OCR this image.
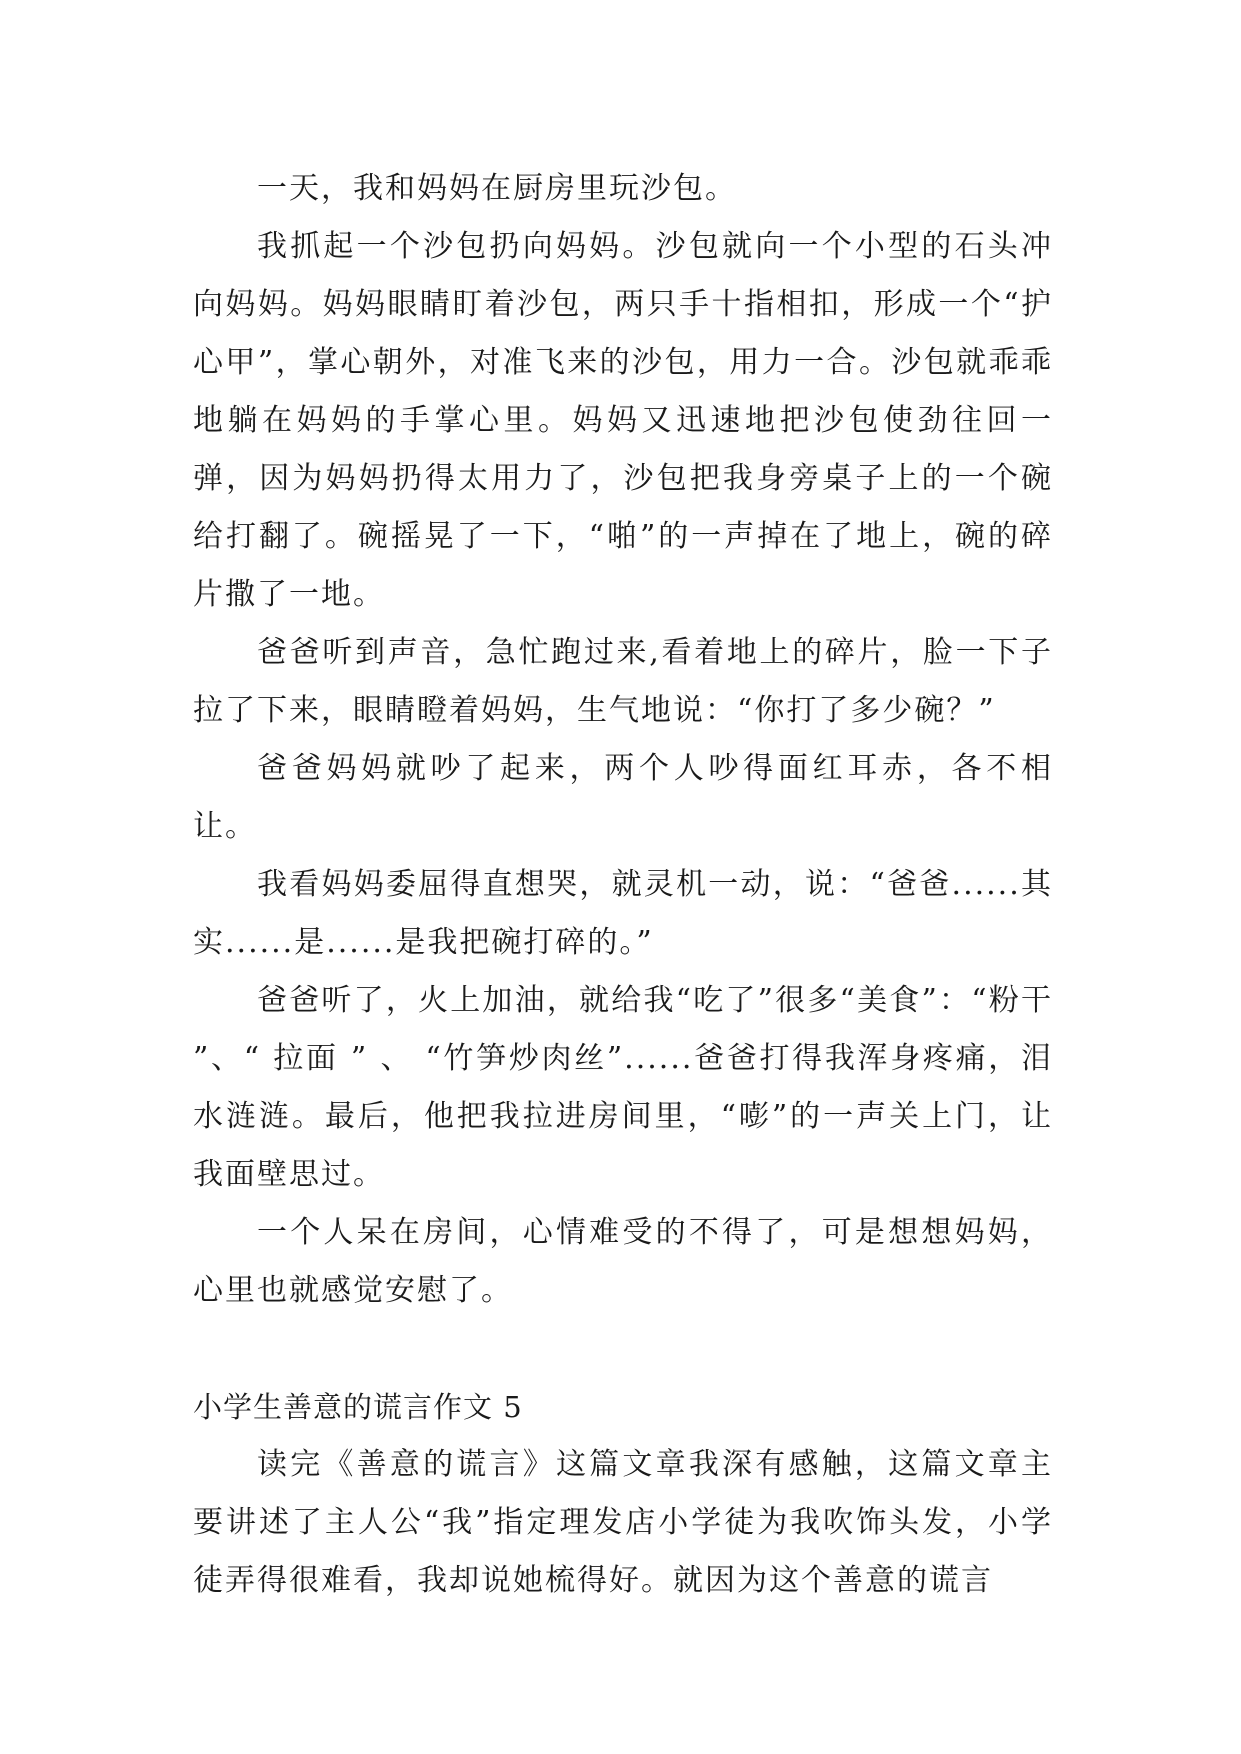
一天，我和妈妈在厨房里玩沙包。

我抓起一个沙包扔向妈妈。沙包就向一个小型的石头冲向妈妈。妈妈眼睛盯着沙包，两只手十指相扣，形成一个“护心甲”，掌心朝外，对准飞来的沙包，用力一合。沙包就乖乖地躺在妈妈的手掌心里。妈妈又迅速地把沙包使劲往回一弹，因为妈妈扔得太用力了，沙包把我身旁桌子上的一个碗给打翻了。碗摇晃了一下，“啪”的一声掉在了地上，碗的碎片撒了一地。

爸爸听到声音，急忙跑过来,看着地上的碎片，脸一下子拉了下来，眼睛瞪着妈妈，生气地说：“你打了多少碗？”

爸爸妈妈就吵了起来，两个人吵得面红耳赤，各不相让。

我看妈妈委屈得直想哭，就灵机一动，说：“爸爸......其实......是......是我把碗打碎的。”

爸爸听了，火上加油，就给我“吃了”很多“美食”：“粉干 ”、“ 拉面 ” 、 “竹笋炒肉丝”......爸爸打得我浑身疼痛，泪水涟涟。最后，他把我拉进房间里，“嘭”的一声关上门，让我面壁思过。

一个人呆在房间，心情难受的不得了，可是想想妈妈，心里也就感觉安慰了。

小学生善意的谎言作文 5

读完《善意的谎言》这篇文章我深有感触，这篇文章主要讲述了主人公“我”指定理发店小学徒为我吹饰头发，小学徒弄得很难看，我却说她梳得好。就因为这个善意的谎言
